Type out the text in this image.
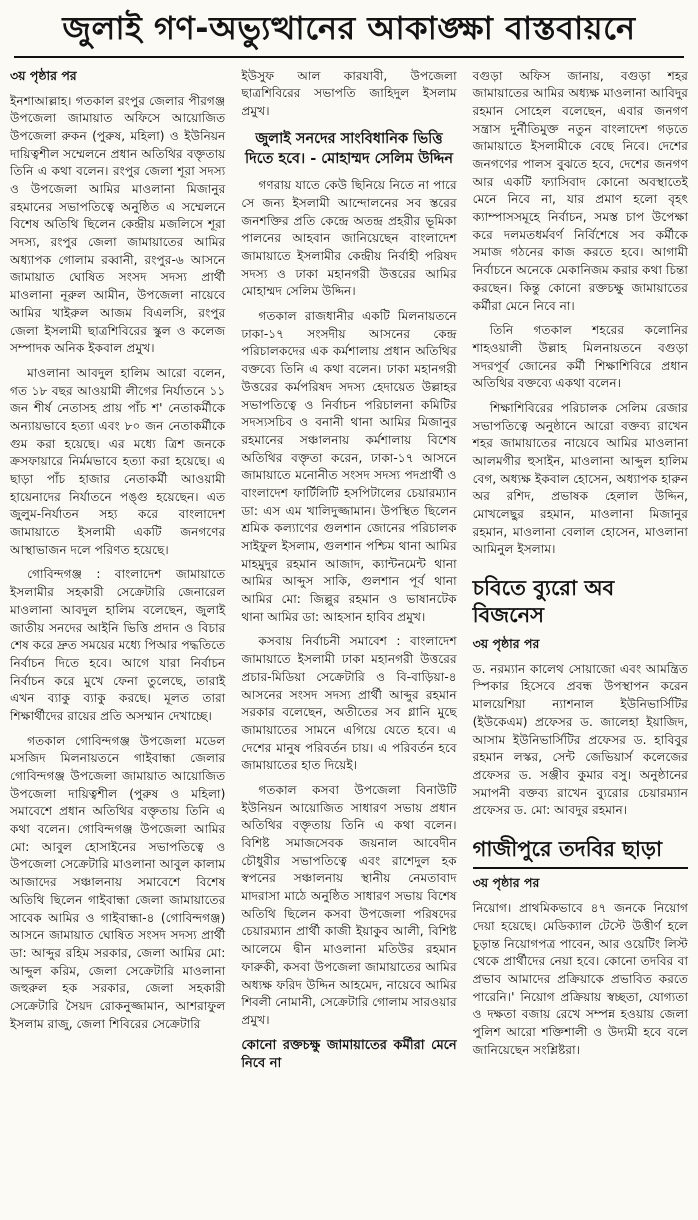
জুলাই গণ-অভ্যুত্থানের আকাঙ্ক্ষা বাস্তবায়নে

৩য় পৃষ্ঠার পর

ইনশাআল্লাহ। গতকাল রংপুর জেলার পীরগঞ্জ উপজেলা জামায়াত অফিসে আয়োজিত উপজেলা রুকন (পুরুষ, মহিলা) ও ইউনিয়ন দায়িত্বশীল সম্মেলনে প্রধান অতিথির বক্তৃতায় তিনি এ কথা বলেন। রংপুর জেলা শূরা সদস্য ও উপজেলা আমির মাওলানা মিজানুর রহমানের সভাপতিত্বে অনুষ্ঠিত এ সম্মেলনে বিশেষ অতিথি ছিলেন কেন্দ্রীয় মজলিসে শূরা সদস্য, রংপুর জেলা জামায়াতের আমির অধ্যাপক গোলাম রব্বানী, রংপুর-৬ আসনে জামায়াত ঘোষিত সংসদ সদস্য প্রার্থী মাওলানা নূরুল আমীন, উপজেলা নায়েবে আমির খাইরুল আজম বিএলসি, রংপুর জেলা ইসলামী ছাত্রশিবিরের স্কুল ও কলেজ সম্পাদক অনিক ইকবাল প্রমুখ।

মাওলানা আবদুল হালিম আরো বলেন, গত ১৮ বছর আওয়ামী লীগের নির্যাতনে ১১ জন শীর্ষ নেতাসহ প্রায় পাঁচ শ' নেতাকর্মীকে অন্যায়ভাবে হত্যা এবং ৮০ জন নেতাকর্মীকে গুম করা হয়েছে। এর মধ্যে ত্রিশ জনকে ক্রসফায়ারে নির্মমভাবে হত্যা করা হয়েছে। এ ছাড়া পাঁচ হাজার নেতাকর্মী আওয়ামী হায়েনাদের নির্যাতনে পঙ্গু হয়েছেন। এত জুলুম-নির্যাতন সহ্য করে বাংলাদেশ জামায়াতে ইসলামী একটি জনগণের আস্থাভাজন দলে পরিণত হয়েছে।

গোবিন্দগঞ্জ : বাংলাদেশ জামায়াতে ইসলামীর সহকারী সেক্রেটারি জেনারেল মাওলানা আবদুল হালিম বলেছেন, জুলাই জাতীয় সনদের আইনি ভিত্তি প্রদান ও বিচার শেষ করে দ্রুত সময়ের মধ্যে পিআর পদ্ধতিতে নির্বাচন দিতে হবে। আগে যারা নির্বাচন নির্বাচন করে মুখে ফেনা তুলেছে, তারাই এখন ব্যাকু ব্যাকু করছে। মূলত তারা শিক্ষার্থীদের রায়ের প্রতি অসম্মান দেখাচ্ছে।

গতকাল গোবিন্দগঞ্জ উপজেলা মডেল মসজিদ মিলনায়তনে গাইবান্ধা জেলার গোবিন্দগঞ্জ উপজেলা জামায়াত আয়োজিত উপজেলা দায়িত্বশীল (পুরুষ ও মহিলা) সমাবেশে প্রধান অতিথির বক্তৃতায় তিনি এ কথা বলেন। গোবিন্দগঞ্জ উপজেলা আমির মো: আবুল হোসাইনের সভাপতিত্বে ও উপজেলা সেক্রেটারি মাওলানা আবুল কালাম আজাদের সঞ্চালনায় সমাবেশে বিশেষ অতিথি ছিলেন গাইবান্ধা জেলা জামায়াতের সাবেক আমির ও গাইবান্ধা-৪ (গোবিন্দগঞ্জ) আসনে জামায়াত ঘোষিত সংসদ সদস্য প্রার্থী ডা: আব্দুর রহিম সরকার, জেলা আমির মো: আব্দুল করিম, জেলা সেক্রেটারি মাওলানা জহুরুল হক সরকার, জেলা সহকারী সেক্রেটারি সৈয়দ রোকনুজ্জামান, আশরাফুল ইসলাম রাজু, জেলা শিবিরের সেক্রেটারি

ইউসুফ আল কারযাবী, উপজেলা ছাত্রশিবিরের সভাপতি জাহিদুল ইসলাম প্রমুখ।

জুলাই সনদের সাংবিধানিক ভিত্তি দিতে হবে। - মোহাম্মদ সেলিম উদ্দিন

গণরায় যাতে কেউ ছিনিয়ে নিতে না পারে সে জন্য ইসলামী আন্দোলনের সব স্তরের জনশক্তির প্রতি কেন্দ্রে অতন্দ্র প্রহরীর ভূমিকা পালনের আহবান জানিয়েছেন বাংলাদেশ জামায়াতে ইসলামীর কেন্দ্রীয় নির্বাহী পরিষদ সদস্য ও ঢাকা মহানগরী উত্তরের আমির মোহাম্মদ সেলিম উদ্দিন।

গতকাল রাজধানীর একটি মিলনায়তনে ঢাকা-১৭ সংসদীয় আসনের কেন্দ্র পরিচালকদের এক কর্মশালায় প্রধান অতিথির বক্তব্যে তিনি এ কথা বলেন। ঢাকা মহানগরী উত্তরের কর্মপরিষদ সদস্য হেদায়েত উল্লাহর সভাপতিত্বে ও নির্বাচন পরিচালনা কমিটির সদস্যসচিব ও বনানী থানা আমির মিজানুর রহমানের সঞ্চালনায় কর্মশালায় বিশেষ অতিথির বক্তৃতা করেন, ঢাকা-১৭ আসনে জামায়াতে মনোনীত সংসদ সদস্য পদপ্রার্থী ও বাংলাদেশ ফার্টিলিটি হসপিটালের চেয়ারম্যান ডা: এস এম খালিদুজ্জামান। উপস্থিত ছিলেন শ্রমিক কল্যাণের গুলশান জোনের পরিচালক সাইফুল ইসলাম, গুলশান পশ্চিম থানা আমির মাহমুদুর রহমান আজাদ, ক্যান্টনমেন্ট থানা আমির আব্দুস সাকি, গুলশান পূর্ব থানা আমির মো: জিল্লুর রহমান ও ভাষানটেক থানা আমির ডা: আহসান হাবিব প্রমুখ।

কসবায় নির্বাচনী সমাবেশ : বাংলাদেশ জামায়াতে ইসলামী ঢাকা মহানগরী উত্তরের প্রচার-মিডিয়া সেক্রেটারি ও বি-বাড়িয়া-৪ আসনের সংসদ সদস্য প্রার্থী আব্দুর রহমান সরকার বলেছেন, অতীতের সব গ্লানি মুছে জামায়াতের সামনে এগিয়ে যেতে হবে। এ দেশের মানুষ পরিবর্তন চায়। এ পরিবর্তন হবে জামায়াতের হাত দিয়েই।

গতকাল কসবা উপজেলা বিনাউটি ইউনিয়ন আয়োজিত সাধারণ সভায় প্রধান অতিথির বক্তৃতায় তিনি এ কথা বলেন। বিশিষ্ট সমাজসেবক জয়নাল আবেদীন চৌধুরীর সভাপতিত্বে এবং রাশেদুল হক স্বপনের সঞ্চালনায় স্থানীয় নেমতাবাদ মাদরাসা মাঠে অনুষ্ঠিত সাধারণ সভায় বিশেষ অতিথি ছিলেন কসবা উপজেলা পরিষদের চেয়ারম্যান প্রার্থী কাজী ইয়াকুব আলী, বিশিষ্ট আলেমে দ্বীন মাওলানা মতিউর রহমান ফারুকী, কসবা উপজেলা জামায়াতের আমির অধ্যক্ষ ফরিদ উদ্দিন আহমেদ, নায়েবে আমির শিবলী নোমানী, সেক্রেটারি গোলাম সারওয়ার প্রমুখ।

কোনো রক্তচক্ষু জামায়াতের কর্মীরা মেনে নিবে না

বগুড়া অফিস জানায়, বগুড়া শহর জামায়াতের আমির অধ্যক্ষ মাওলানা আবিদুর রহমান সোহেল বলেছেন, এবার জনগণ সন্ত্রাস দুর্নীতিমুক্ত নতুন বাংলাদেশ গড়তে জামায়াতে ইসলামীকে বেছে নিবে। দেশের জনগণের পালস বুঝতে হবে, দেশের জনগণ আর একটি ফ্যাসিবাদ কোনো অবস্থাতেই মেনে নিবে না, যার প্রমাণ হলো বৃহৎ ক্যাম্পাসসমূহে নির্বাচন, সমস্ত চাপ উপেক্ষা করে দলমতধর্মবর্ণ নির্বিশেষে সব কর্মীকে সমাজ গঠনের কাজ করতে হবে। আগামী নির্বাচনে অনেকে মেকানিজম করার কথা চিন্তা করছেন। কিন্তু কোনো রক্তচক্ষু জামায়াতের কর্মীরা মেনে নিবে না।

তিনি গতকাল শহরের কলোনির শাহওয়ালী উল্লাহ মিলনায়তনে বগুড়া সদরপূর্ব জোনের কর্মী শিক্ষাশিবিরে প্রধান অতিথির বক্তব্যে একথা বলেন।

শিক্ষাশিবিরের পরিচালক সেলিম রেজার সভাপতিত্বে অনুষ্ঠানে আরো বক্তব্য রাখেন শহর জামায়াতের নায়েবে আমির মাওলানা আলমগীর হুসাইন, মাওলানা আব্দুল হালিম বেগ, অধ্যক্ষ ইকবাল হোসেন, অধ্যাপক হারুন অর রশিদ, প্রভাষক হেলাল উদ্দিন, মোখলেছুর রহমান, মাওলানা মিজানুর রহমান, মাওলানা বেলাল হোসেন, মাওলানা আমিনুল ইসলাম।

চবিতে ব্যুরো অব বিজনেস

৩য় পৃষ্ঠার পর

ড. নরম্যান কালেথ সোয়াজো এবং আমন্ত্রিত স্পিকার হিসেবে প্রবন্ধ উপস্থাপন করেন মালয়েশিয়া ন্যাশনাল ইউনিভার্সিটির (ইউকেএম) প্রফেসর ড. জালেহা ইয়াজিদ, আসাম ইউনিভার্সিটির প্রফেসর ড. হাবিবুর রহমান লস্কর, সেন্ট জেভিয়ার্স কলেজের প্রফেসর ড. সঞ্জীব কুমার বসু। অনুষ্ঠানের সমাপনী বক্তব্য রাখেন ব্যুরোর চেয়ারম্যান প্রফেসর ড. মো: আবদুর রহমান।

গাজীপুরে তদবির ছাড়া

৩য় পৃষ্ঠার পর

নিয়োগ। প্রাথমিকভাবে ৪৭ জনকে নিয়োগ দেয়া হয়েছে। মেডিক্যাল টেস্টে উত্তীর্ণ হলে চূড়ান্ত নিয়োগপত্র পাবেন, আর ওয়েটিং লিস্ট থেকে প্রার্থীদের নেয়া হবে। কোনো তদবির বা প্রভাব আমাদের প্রক্রিয়াকে প্রভাবিত করতে পারেনি।' নিয়োগ প্রক্রিয়ায় স্বচ্ছতা, যোগ্যতা ও দক্ষতা বজায় রেখে সম্পন্ন হওয়ায় জেলা পুলিশ আরো শক্তিশালী ও উদ্যমী হবে বলে জানিয়েছেন সংশ্লিষ্টরা।
